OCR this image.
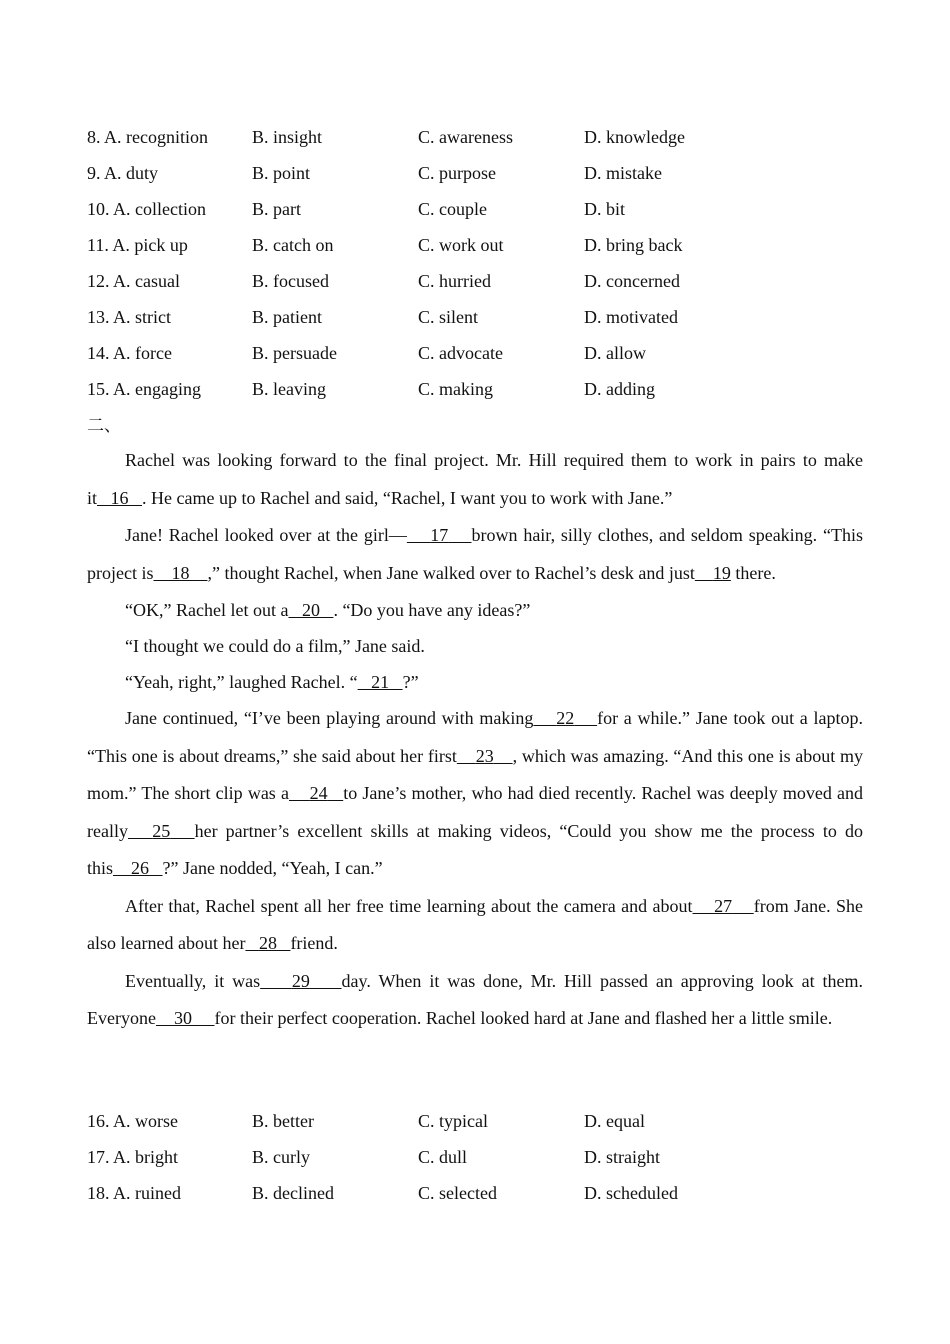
8. A. recognition B. insight	C. awareness	D. knowledge
9. A. duty	B. point	C. purpose	D. mistake
10. A. collection	B. part	C. couple	D. bit
11. A. pick up	B. catch on	C. work out	D. bring back
12. A. casual	B. focused	C. hurried	D. concerned
13. A. strict	B. patient	C. silent	D. motivated
14. A. force	B. persuade	C. advocate	D. allow
15. A. engaging	B. leaving	C. making	D. adding
二、

Rachel was looking forward to the final project. Mr. Hill required them to work in pairs to make it 16 . He came up to Rachel and said, “Rachel, I want you to work with Jane.”

Jane! Rachel looked over at the girl— 17 brown hair, silly clothes, and seldom speaking. “This project is 18 ,” thought Rachel, when Jane walked over to Rachel’s desk and just 19 there.

“OK,” Rachel let out a 20 . “Do you have any ideas?”

“I thought we could do a film,” Jane said.

“Yeah, right,” laughed Rachel. “ 21 ?”

Jane continued, “I’ve been playing around with making 22 for a while.” Jane took out a laptop. “This one is about dreams,” she said about her first 23 , which was amazing. “And this one is about my mom.” The short clip was a 24 to Jane’s mother, who had died recently. Rachel was deeply moved and really 25 her partner’s excellent skills at making videos, “Could you show me the process to do this 26 ?” Jane nodded, “Yeah, I can.”

After that, Rachel spent all her free time learning about the camera and about 27 from Jane. She also learned about her 28 friend.

Eventually, it was 29 day. When it was done, Mr. Hill passed an approving look at them. Everyone 30 for their perfect cooperation. Rachel looked hard at Jane and flashed her a little smile.

16. A. worse	B. better	C. typical	D. equal
17. A. bright	B. curly	C. dull	D. straight
18. A. ruined	B. declined	C. selected	D. scheduled
